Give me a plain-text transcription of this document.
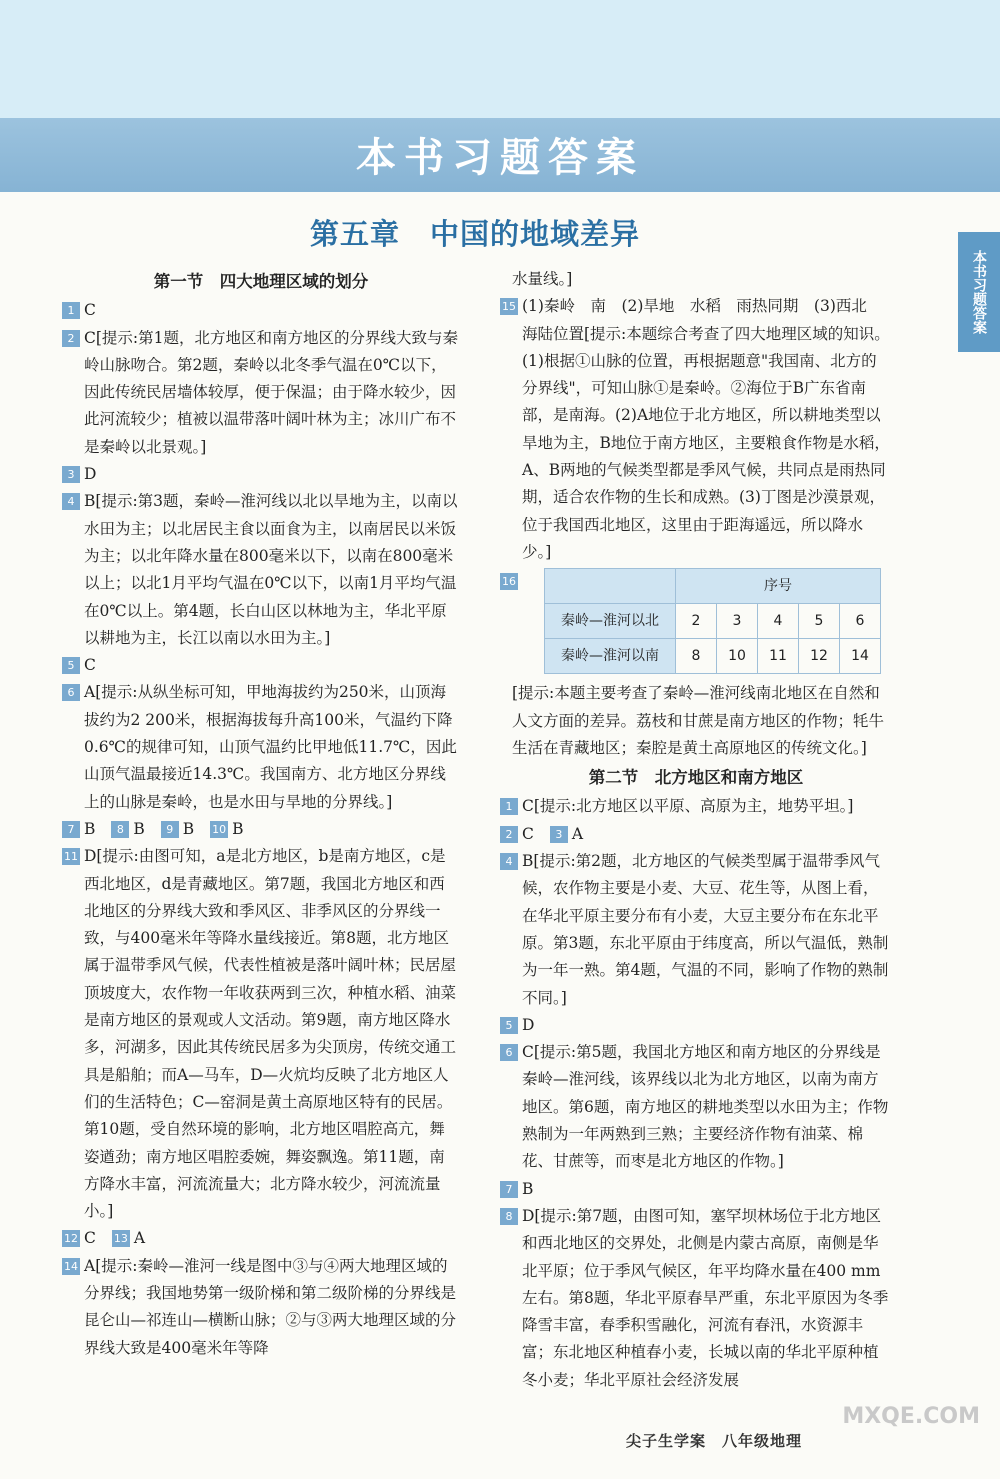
本书习题答案
本书习题答案
第五章　中国的地域差异
第一节　四大地理区域的划分
1 C
2 C[提示:第1题，北方地区和南方地区的分界线大致与秦岭山脉吻合。第2题，秦岭以北冬季气温在0℃以下，因此传统民居墙体较厚，便于保温；由于降水较少，因此河流较少；植被以温带落叶阔叶林为主；冰川广布不是秦岭以北景观。]
3 D
4 B[提示:第3题，秦岭—淮河线以北以旱地为主，以南以水田为主；以北居民主食以面食为主，以南居民以米饭为主；以北年降水量在800毫米以下，以南在800毫米以上；以北1月平均气温在0℃以下，以南1月平均气温在0℃以上。第4题，长白山区以林地为主，华北平原以耕地为主，长江以南以水田为主。]
5 C
6 A[提示:从纵坐标可知，甲地海拔约为250米，山顶海拔约为2 200米，根据海拔每升高100米，气温约下降0.6℃的规律可知，山顶气温约比甲地低11.7℃，因此山顶气温最接近14.3℃。我国南方、北方地区分界线上的山脉是秦岭，也是水田与旱地的分界线。]
7 B	8 B	9 B 10 B
11 D[提示:由图可知，a是北方地区，b是南方地区，c是西北地区，d是青藏地区。第7题，我国北方地区和西北地区的分界线大致和季风区、非季风区的分界线一致，与400毫米年等降水量线接近。第8题，北方地区属于温带季风气候，代表性植被是落叶阔叶林；民居屋顶坡度大，农作物一年收获两到三次，种植水稻、油菜是南方地区的景观或人文活动。第9题，南方地区降水多，河湖多，因此其传统民居多为尖顶房，传统交通工具是船舶；而A—马车，D—火炕均反映了北方地区人们的生活特色；C—窑洞是黄土高原地区特有的民居。第10题，受自然环境的影响，北方地区唱腔高亢，舞姿遒劲；南方地区唱腔委婉，舞姿飘逸。第11题，南方降水丰富，河流流量大；北方降水较少，河流流量小。]
12 C 13 A
14 A[提示:秦岭—淮河一线是图中③与④两大地理区域的分界线；我国地势第一级阶梯和第二级阶梯的分界线是昆仑山—祁连山—横断山脉；②与③两大地理区域的分界线大致是400毫米年等降
水量线。]
15 (1)秦岭　南　(2)旱地　水稻　雨热同期　(3)西北　海陆位置[提示:本题综合考查了四大地理区域的知识。(1)根据①山脉的位置，再根据题意"我国南、北方的分界线"，可知山脉①是秦岭。②海位于B广东省南部，是南海。(2)A地位于北方地区，所以耕地类型以旱地为主，B地位于南方地区，主要粮食作物是水稻，A、B两地的气候类型都是季风气候，共同点是雨热同期，适合农作物的生长和成熟。(3)丁图是沙漠景观，位于我国西北地区，这里由于距海遥远，所以降水少。]
16
		序号				
秦岭—淮河以北	2	3	4	5	6
秦岭—淮河以南	8	10	11	12	14
[提示:本题主要考查了秦岭—淮河线南北地区在自然和人文方面的差异。荔枝和甘蔗是南方地区的作物；牦牛生活在青藏地区；秦腔是黄土高原地区的传统文化。]
第二节　北方地区和南方地区
1 C[提示:北方地区以平原、高原为主，地势平坦。]
2 C	3 A
4 B[提示:第2题，北方地区的气候类型属于温带季风气候，农作物主要是小麦、大豆、花生等，从图上看，在华北平原主要分布有小麦，大豆主要分布在东北平原。第3题，东北平原由于纬度高，所以气温低，熟制为一年一熟。第4题，气温的不同，影响了作物的熟制不同。]
5 D
6 C[提示:第5题，我国北方地区和南方地区的分界线是秦岭—淮河线，该界线以北为北方地区，以南为南方地区。第6题，南方地区的耕地类型以水田为主；作物熟制为一年两熟到三熟；主要经济作物有油菜、棉花、甘蔗等，而枣是北方地区的作物。]
7 B
8 D[提示:第7题，由图可知，塞罕坝林场位于北方地区和西北地区的交界处，北侧是内蒙古高原，南侧是华北平原；位于季风气候区，年平均降水量在400 mm左右。第8题，华北平原春旱严重，东北平原因为冬季降雪丰富，春季积雪融化，河流有春汛，水资源丰富；东北地区种植春小麦，长城以南的华北平原种植冬小麦；华北平原社会经济发展
尖子生学案　八年级地理
MXQE.COM
